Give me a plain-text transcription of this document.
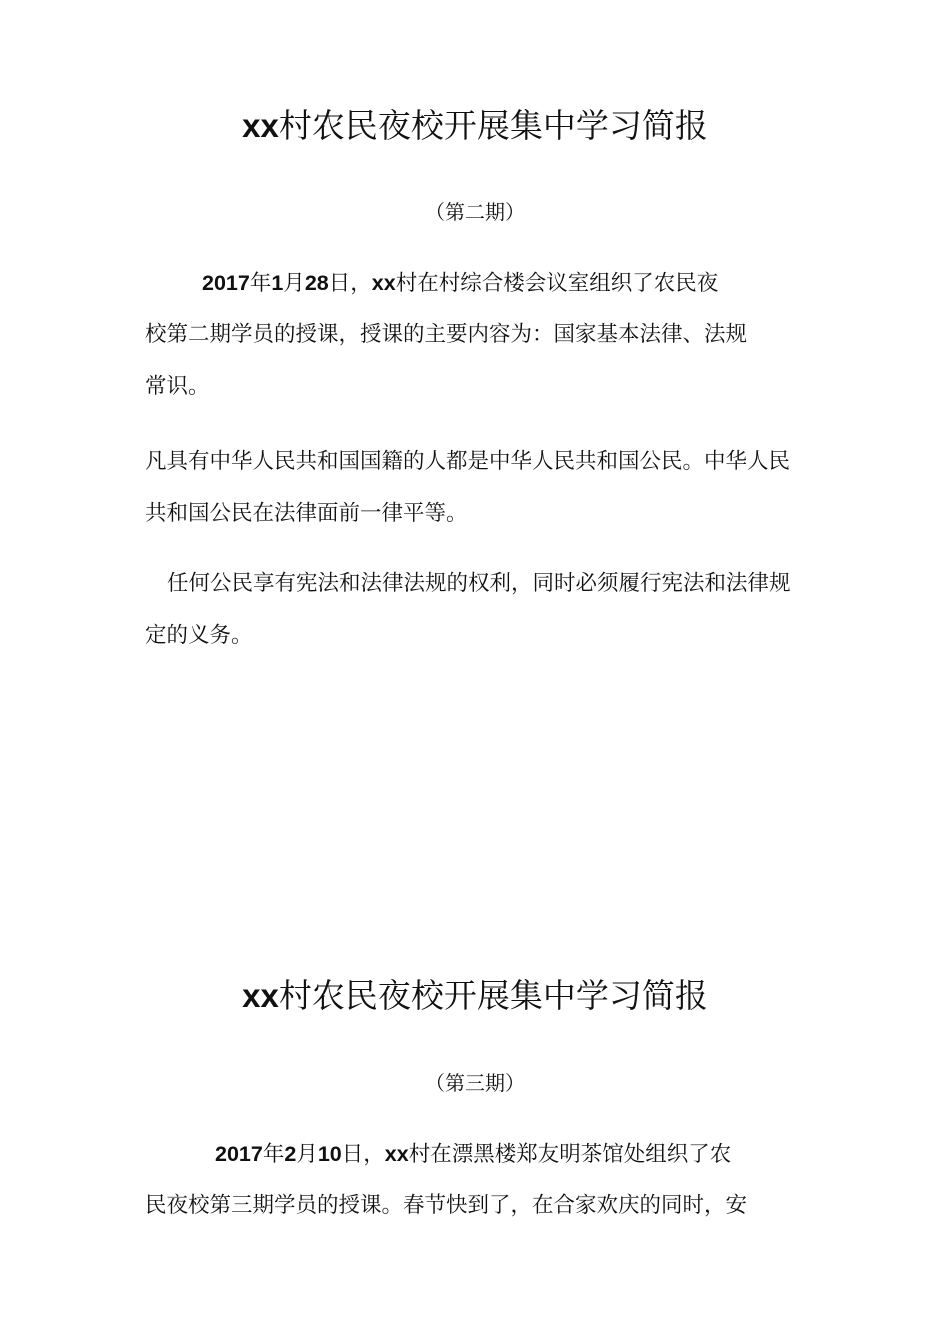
xx村农民夜校开展集中学习简报
（第二期）
2017年1月28日，xx村在村综合楼会议室组织了农民夜
校第二期学员的授课，授课的主要内容为：国家基本法律、法规
常识。
凡具有中华人民共和国国籍的人都是中华人民共和国公民。中华人民
共和国公民在法律面前一律平等。
任何公民享有宪法和法律法规的权利，同时必须履行宪法和法律规
定的义务。
xx村农民夜校开展集中学习简报
（第三期）
2017年2月10日，xx村在漂黑楼郑友明茶馆处组织了农
民夜校第三期学员的授课。春节快到了，在合家欢庆的同时，安
